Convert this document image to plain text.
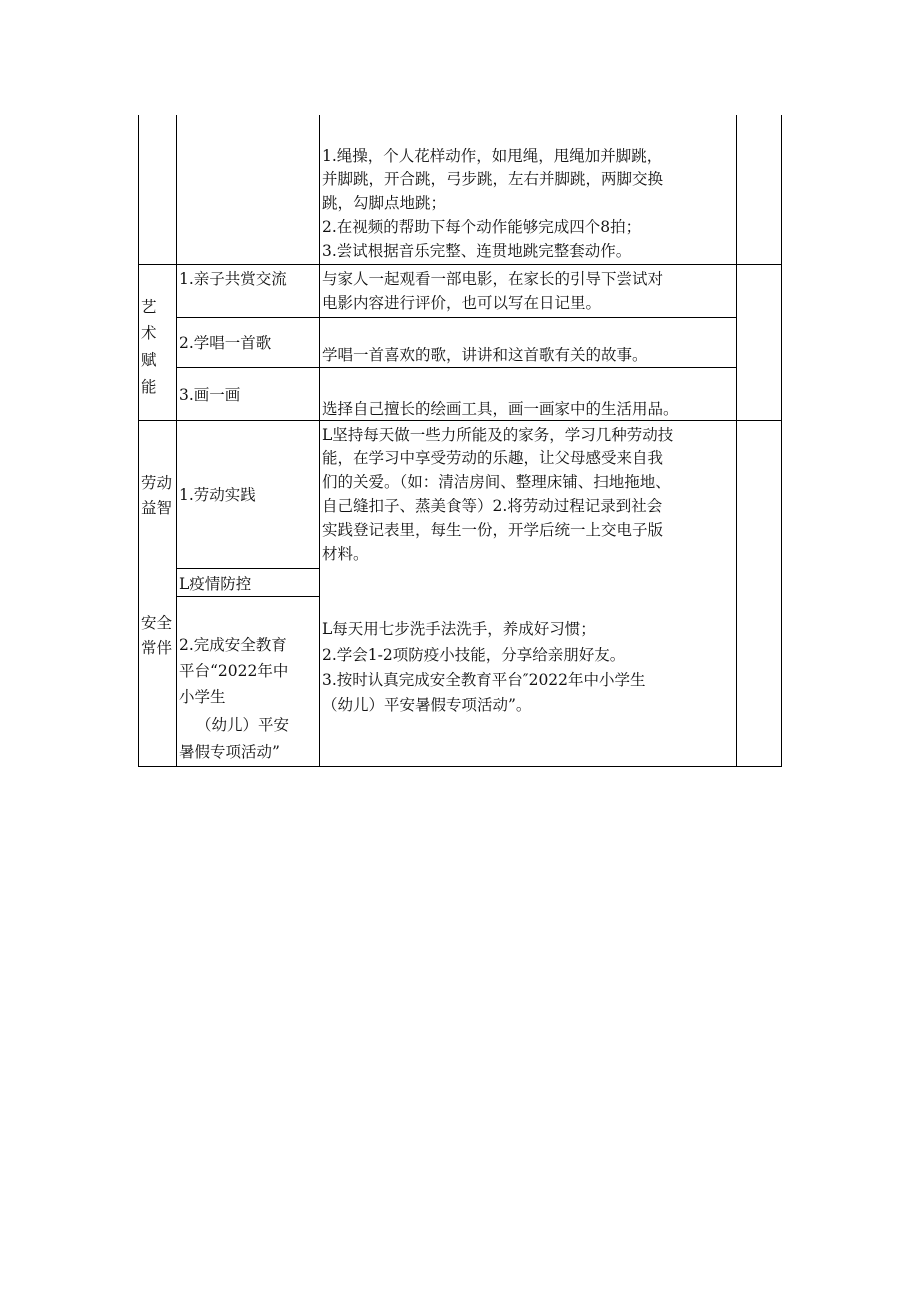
1.绳操，个人花样动作，如甩绳，甩绳加并脚跳，
并脚跳，开合跳，弓步跳，左右并脚跳，两脚交换
跳，勾脚点地跳；
2.在视频的帮助下每个动作能够完成四个8拍；
3.尝试根据音乐完整、连贯地跳完整套动作。
艺
术
赋
能
1.亲子共赏交流 与家人一起观看一部电影，在家长的引导下尝试对
电影内容进行评价，也可以写在日记里。
2.学唱一首歌
学唱一首喜欢的歌，讲讲和这首歌有关的故事。
3.画一画
选择自己擅长的绘画工具，画一画家中的生活用品。
劳动
益智
1.劳动实践
L坚持每天做一些力所能及的家务，学习几种劳动技
能，在学习中享受劳动的乐趣，让父母感受来自我
们的关爱。（如：清洁房间、整理床铺、扫地拖地、
自己缝扣子、蒸美食等）2.将劳动过程记录到社会
实践登记表里，每生一份，开学后统一上交电子版
材料。
安全
常伴
L疫情防控
2.完成安全教育
平台“2022年中
小学生
（幼儿）平安
暑假专项活动”
L每天用七步洗手法洗手，养成好习惯；
2.学会1-2项防疫小技能，分享给亲朋好友。
3.按时认真完成安全教育平台″2022年中小学生
（幼儿）平安暑假专项活动”。
